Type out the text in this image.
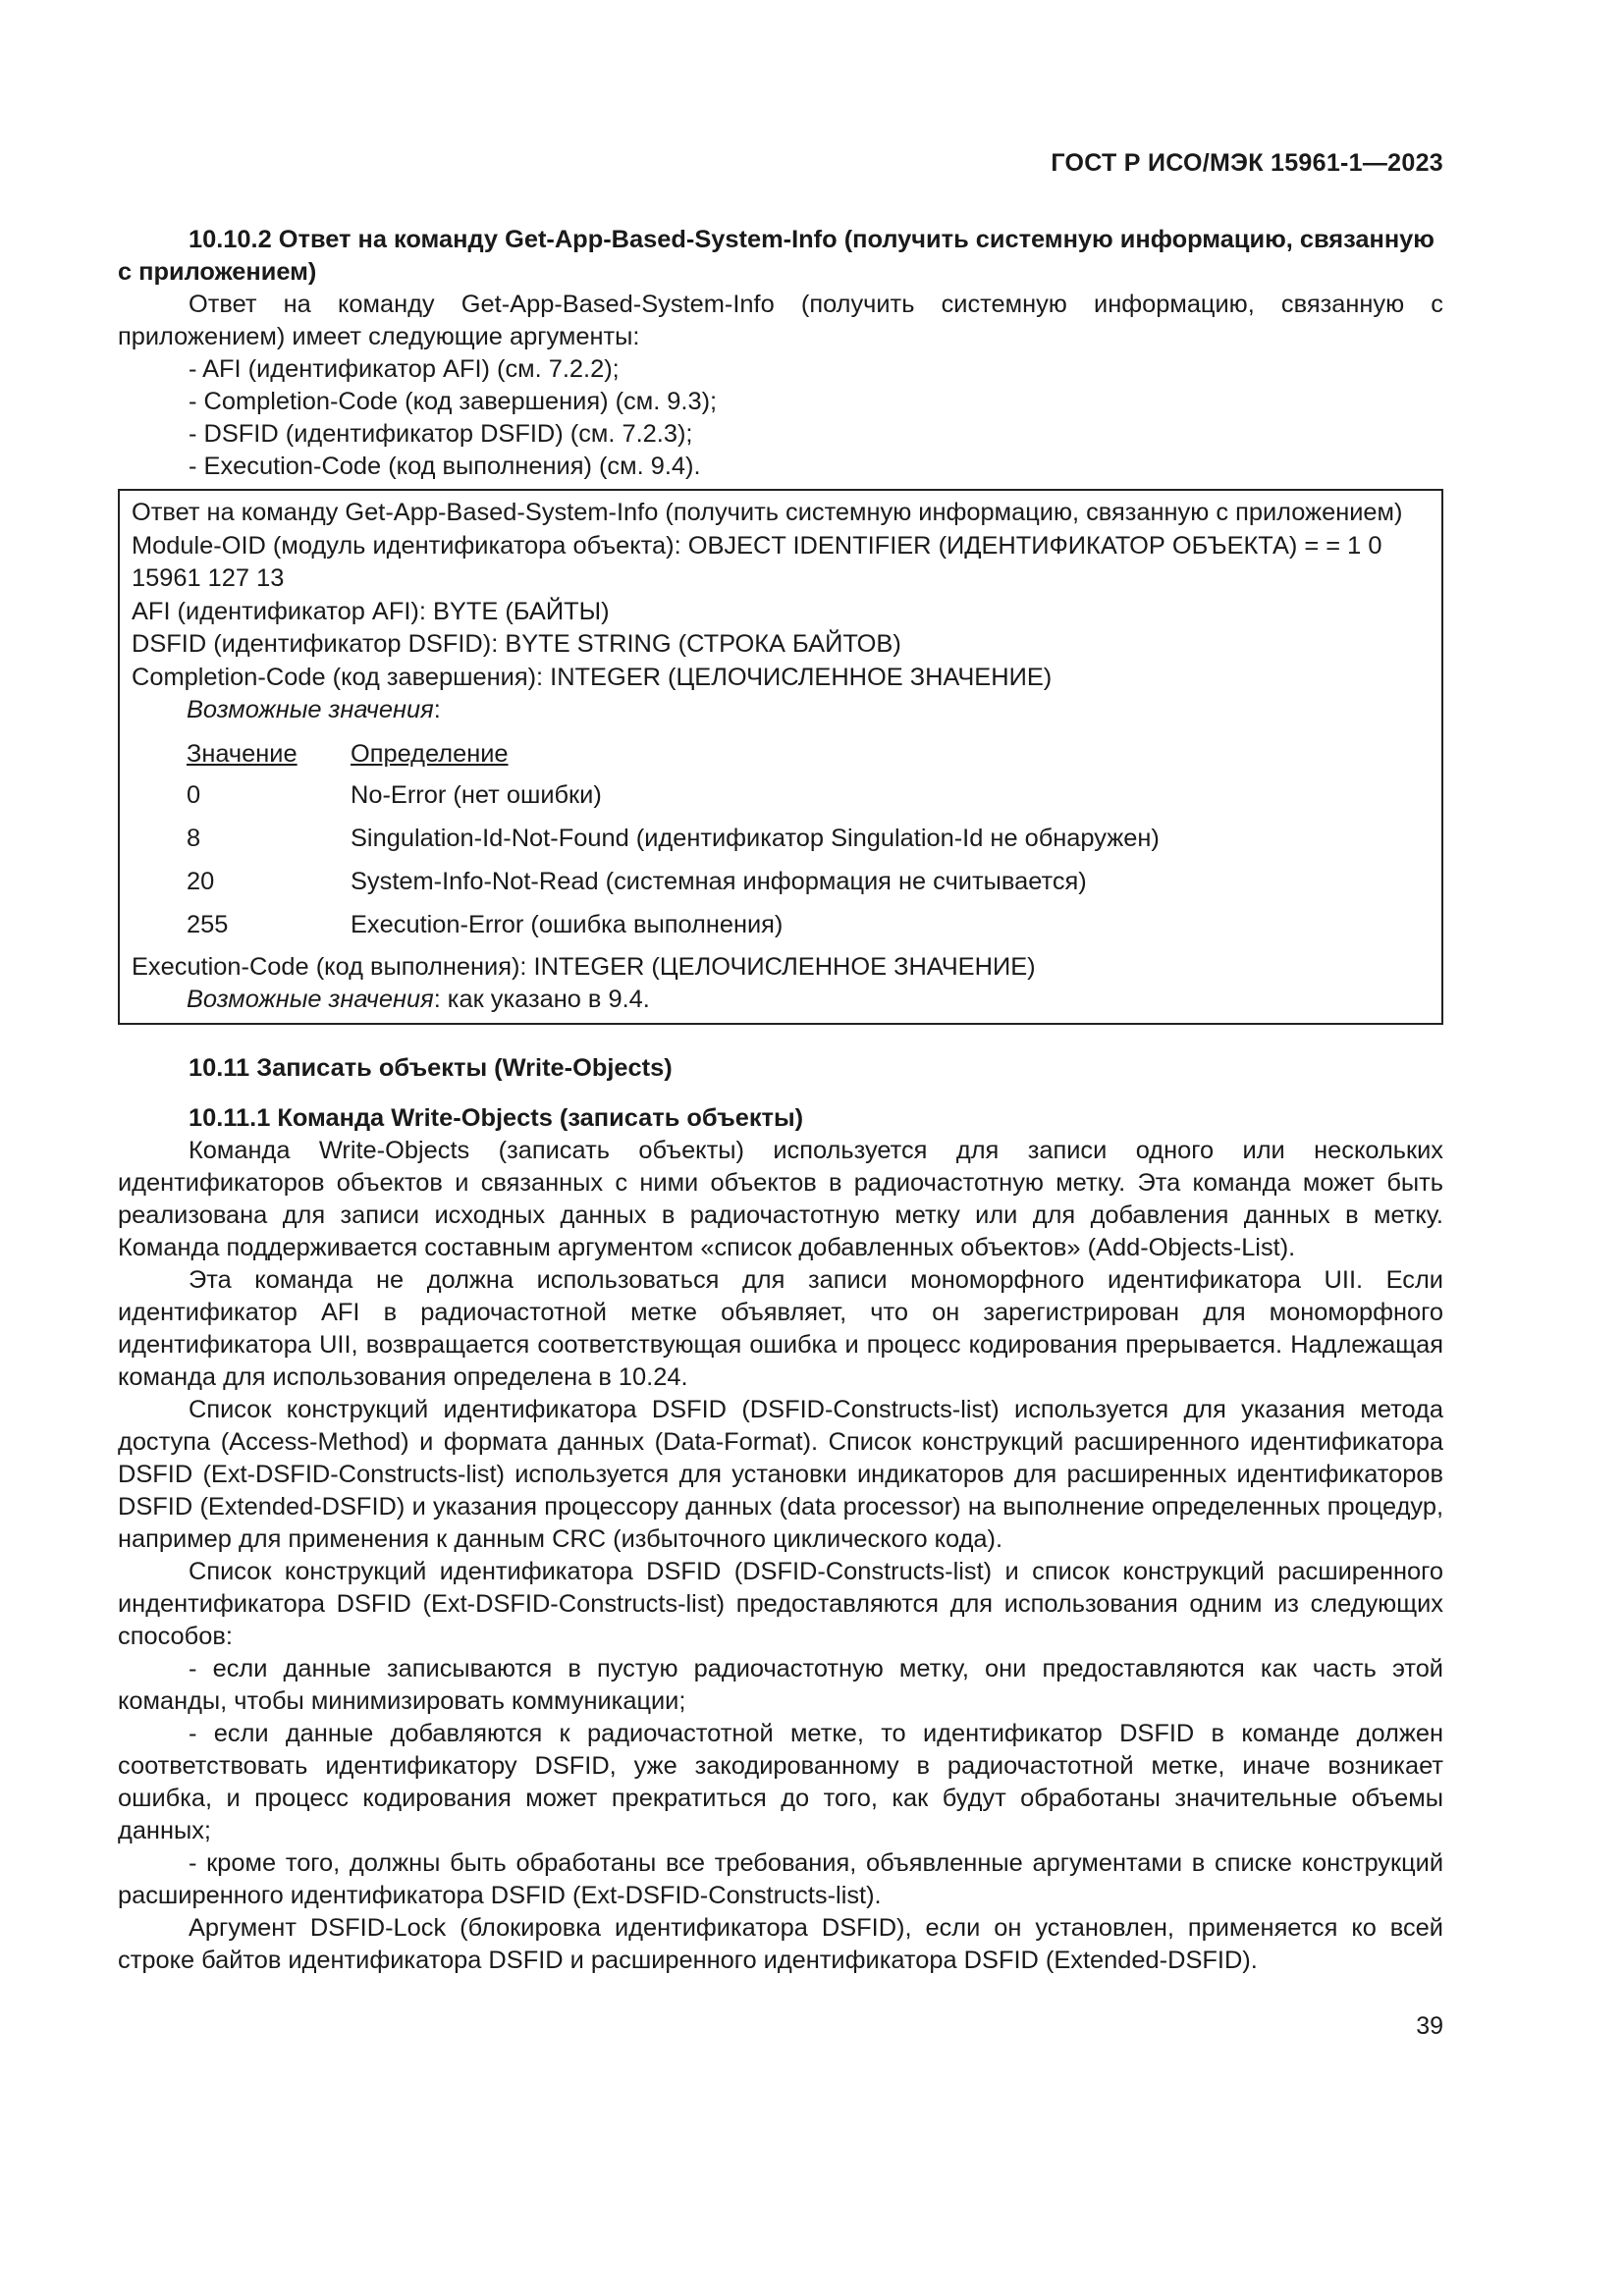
ГОСТ Р ИСО/МЭК 15961-1—2023
10.10.2 Ответ на команду Get-App-Based-System-Info (получить системную информацию, связанную с приложением)

Ответ на команду Get-App-Based-System-Info (получить системную информацию, связанную с приложением) имеет следующие аргументы:

- AFI (идентификатор AFI) (см. 7.2.2);

- Completion-Code (код завершения) (см. 9.3);

- DSFID (идентификатор DSFID) (см. 7.2.3);

- Execution-Code (код выполнения) (см. 9.4).

Ответ на команду Get-App-Based-System-Info (получить системную информацию, связанную с приложением)

Module-OID (модуль идентификатора объекта): OBJECT IDENTIFIER (ИДЕНТИФИКАТОР ОБЪЕКТА) = = 1 0 15961 127 13

AFI (идентификатор AFI): BYTE (БАЙТЫ)

DSFID (идентификатор DSFID): BYTE STRING (СТРОКА БАЙТОВ)

Completion-Code (код завершения): INTEGER (ЦЕЛОЧИСЛЕННОЕ ЗНАЧЕНИЕ)

Возможные значения:

Значение	Определение
0	No-Error (нет ошибки)
8	Singulation-Id-Not-Found (идентификатор Singulation-Id не обнаружен)
20	System-Info-Not-Read (системная информация не считывается)
255	Execution-Error (ошибка выполнения)

Execution-Code (код выполнения): INTEGER (ЦЕЛОЧИСЛЕННОЕ ЗНАЧЕНИЕ)

Возможные значения: как указано в 9.4.

10.11 Записать объекты (Write-Objects)

10.11.1 Команда Write-Objects (записать объекты)

Команда Write-Objects (записать объекты) используется для записи одного или нескольких идентификаторов объектов и связанных с ними объектов в радиочастотную метку. Эта команда может быть реализована для записи исходных данных в радиочастотную метку или для добавления данных в метку. Команда поддерживается составным аргументом «список добавленных объектов» (Add-Objects-List).

Эта команда не должна использоваться для записи мономорфного идентификатора UII. Если идентификатор AFI в радиочастотной метке объявляет, что он зарегистрирован для мономорфного идентификатора UII, возвращается соответствующая ошибка и процесс кодирования прерывается. Надлежащая команда для использования определена в 10.24.

Список конструкций идентификатора DSFID (DSFID-Constructs-list) используется для указания метода доступа (Access-Method) и формата данных (Data-Format). Список конструкций расширенного идентификатора DSFID (Ext-DSFID-Constructs-list) используется для установки индикаторов для расширенных идентификаторов DSFID (Extended-DSFID) и указания процессору данных (data processor) на выполнение определенных процедур, например для применения к данным CRC (избыточного циклического кода).

Список конструкций идентификатора DSFID (DSFID-Constructs-list) и список конструкций расширенного индентификатора DSFID (Ext-DSFID-Constructs-list) предоставляются для использования одним из следующих способов:

- если данные записываются в пустую радиочастотную метку, они предоставляются как часть этой команды, чтобы минимизировать коммуникации;

- если данные добавляются к радиочастотной метке, то идентификатор DSFID в команде должен соответствовать идентификатору DSFID, уже закодированному в радиочастотной метке, иначе возникает ошибка, и процесс кодирования может прекратиться до того, как будут обработаны значительные объемы данных;

- кроме того, должны быть обработаны все требования, объявленные аргументами в списке конструкций расширенного идентификатора DSFID (Ext-DSFID-Constructs-list).

Аргумент DSFID-Lock (блокировка идентификатора DSFID), если он установлен, применяется ко всей строке байтов идентификатора DSFID и расширенного идентификатора DSFID (Extended-DSFID).

39
